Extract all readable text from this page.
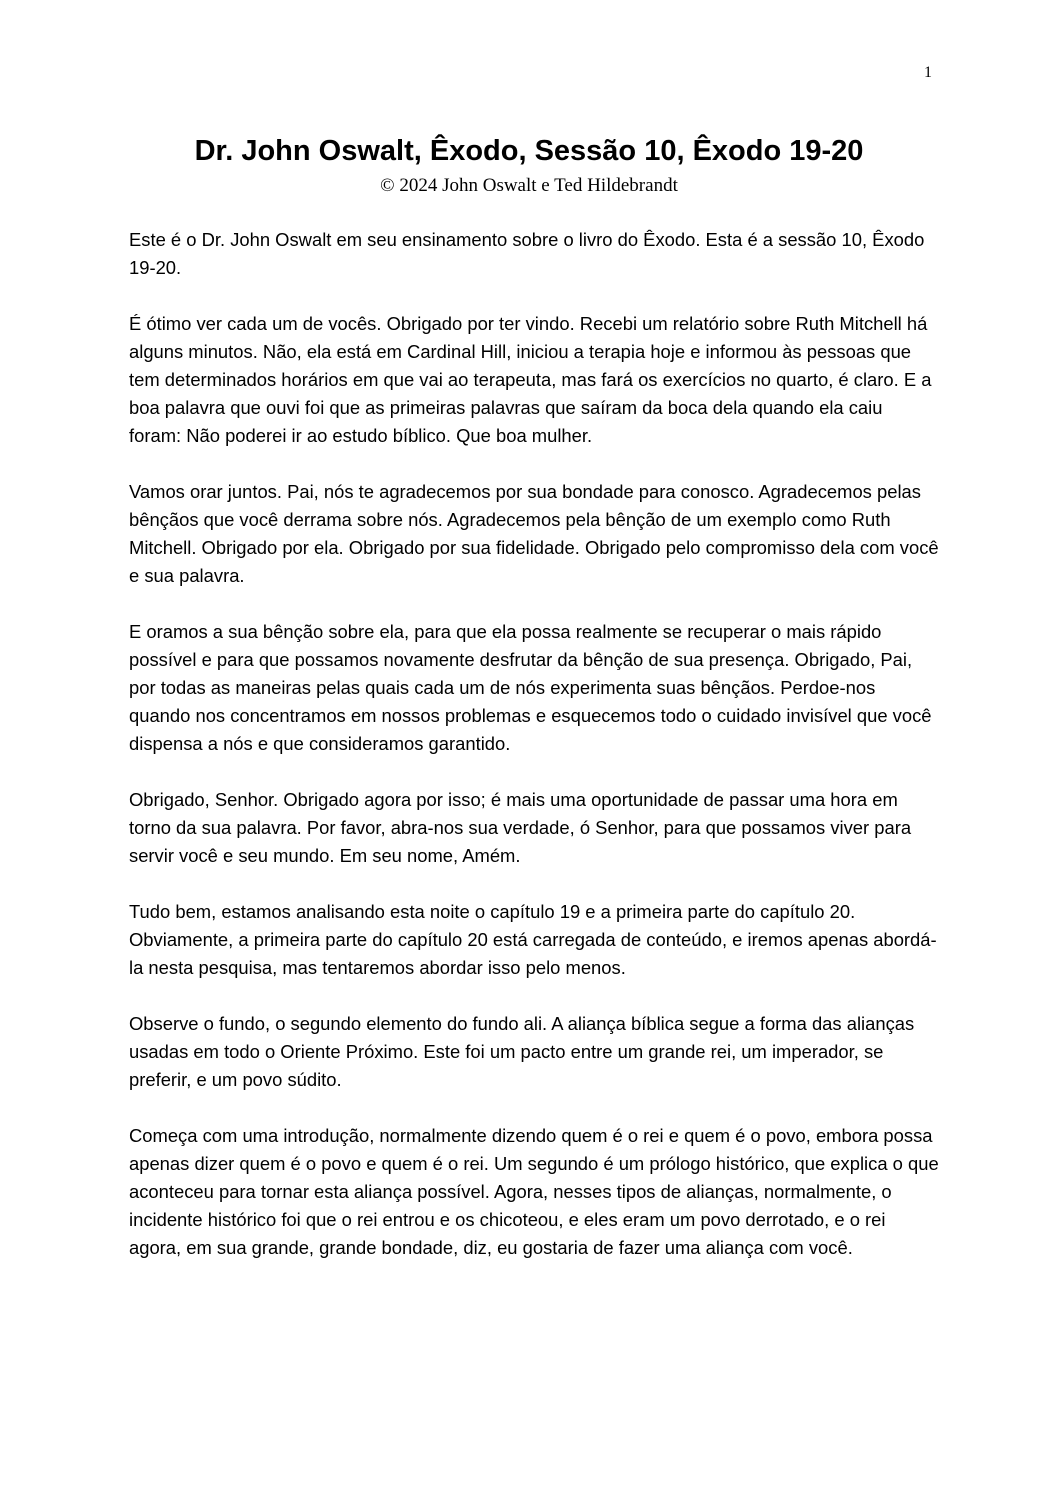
1
Dr. John Oswalt, Êxodo, Sessão 10, Êxodo 19-20
© 2024 John Oswalt e Ted Hildebrandt

Este é o Dr. John Oswalt em seu ensinamento sobre o livro do Êxodo. Esta é a sessão 10, Êxodo 19-20.

É ótimo ver cada um de vocês. Obrigado por ter vindo. Recebi um relatório sobre Ruth Mitchell há alguns minutos. Não, ela está em Cardinal Hill, iniciou a terapia hoje e informou às pessoas que tem determinados horários em que vai ao terapeuta, mas fará os exercícios no quarto, é claro. E a boa palavra que ouvi foi que as primeiras palavras que saíram da boca dela quando ela caiu foram: Não poderei ir ao estudo bíblico. Que boa mulher.

Vamos orar juntos. Pai, nós te agradecemos por sua bondade para conosco. Agradecemos pelas bênçãos que você derrama sobre nós. Agradecemos pela bênção de um exemplo como Ruth Mitchell. Obrigado por ela. Obrigado por sua fidelidade. Obrigado pelo compromisso dela com você e sua palavra.

E oramos a sua bênção sobre ela, para que ela possa realmente se recuperar o mais rápido possível e para que possamos novamente desfrutar da bênção de sua presença. Obrigado, Pai, por todas as maneiras pelas quais cada um de nós experimenta suas bênçãos. Perdoe-nos quando nos concentramos em nossos problemas e esquecemos todo o cuidado invisível que você dispensa a nós e que consideramos garantido.

Obrigado, Senhor. Obrigado agora por isso; é mais uma oportunidade de passar uma hora em torno da sua palavra. Por favor, abra-nos sua verdade, ó Senhor, para que possamos viver para servir você e seu mundo. Em seu nome, Amém.

Tudo bem, estamos analisando esta noite o capítulo 19 e a primeira parte do capítulo 20. Obviamente, a primeira parte do capítulo 20 está carregada de conteúdo, e iremos apenas abordá-la nesta pesquisa, mas tentaremos abordar isso pelo menos.

Observe o fundo, o segundo elemento do fundo ali. A aliança bíblica segue a forma das alianças usadas em todo o Oriente Próximo. Este foi um pacto entre um grande rei, um imperador, se preferir, e um povo súdito.

Começa com uma introdução, normalmente dizendo quem é o rei e quem é o povo, embora possa apenas dizer quem é o povo e quem é o rei. Um segundo é um prólogo histórico, que explica o que aconteceu para tornar esta aliança possível. Agora, nesses tipos de alianças, normalmente, o incidente histórico foi que o rei entrou e os chicoteou, e eles eram um povo derrotado, e o rei agora, em sua grande, grande bondade, diz, eu gostaria de fazer uma aliança com você.
